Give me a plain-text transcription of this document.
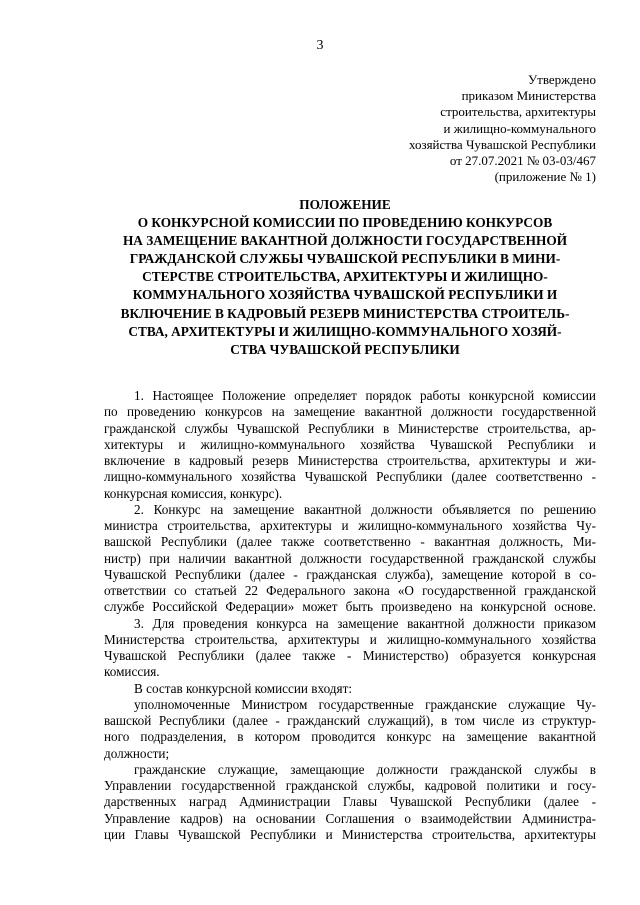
3
Утверждено
приказом Министерства
строительства, архитектуры
и жилищно-коммунального
хозяйства Чувашской Республики
от 27.07.2021 № 03-03/467
(приложение № 1)
ПОЛОЖЕНИЕ
О КОНКУРСНОЙ КОМИССИИ ПО ПРОВЕДЕНИЮ КОНКУРСОВ
НА ЗАМЕЩЕНИЕ ВАКАНТНОЙ ДОЛЖНОСТИ ГОСУДАРСТВЕННОЙ
ГРАЖДАНСКОЙ СЛУЖБЫ ЧУВАШСКОЙ РЕСПУБЛИКИ В МИНИ-
СТЕРСТВЕ СТРОИТЕЛЬСТВА, АРХИТЕКТУРЫ И ЖИЛИЩНО-
КОММУНАЛЬНОГО ХОЗЯЙСТВА ЧУВАШСКОЙ РЕСПУБЛИКИ И
ВКЛЮЧЕНИЕ В КАДРОВЫЙ РЕЗЕРВ МИНИСТЕРСТВА СТРОИТЕЛЬ-
СТВА, АРХИТЕКТУРЫ И ЖИЛИЩНО-КОММУНАЛЬНОГО ХОЗЯЙ-
СТВА ЧУВАШСКОЙ РЕСПУБЛИКИ
1. Настоящее Положение определяет порядок работы конкурсной комиссии
по проведению конкурсов на замещение вакантной должности государственной
гражданской службы Чувашской Республики в Министерстве строительства, ар-
хитектуры и жилищно-коммунального хозяйства Чувашской Республики и
включение в кадровый резерв Министерства строительства, архитектуры и жи-
лищно-коммунального хозяйства Чувашской Республики (далее соответственно -
конкурсная комиссия, конкурс).
2. Конкурс на замещение вакантной должности объявляется по решению
министра строительства, архитектуры и жилищно-коммунального хозяйства Чу-
вашской Республики (далее также соответственно - вакантная должность, Ми-
нистр) при наличии вакантной должности государственной гражданской службы
Чувашской Республики (далее - гражданская служба), замещение которой в со-
ответствии со статьей 22 Федерального закона «О государственной гражданской
службе Российской Федерации» может быть произведено на конкурсной основе.
3. Для проведения конкурса на замещение вакантной должности приказом
Министерства строительства, архитектуры и жилищно-коммунального хозяйства
Чувашской Республики (далее также - Министерство) образуется конкурсная
комиссия.
В состав конкурсной комиссии входят:
уполномоченные Министром государственные гражданские служащие Чу-
вашской Республики (далее - гражданский служащий), в том числе из структур-
ного подразделения, в котором проводится конкурс на замещение вакантной
должности;
гражданские служащие, замещающие должности гражданской службы в
Управлении государственной гражданской службы, кадровой политики и госу-
дарственных наград Администрации Главы Чувашской Республики (далее -
Управление кадров) на основании Соглашения о взаимодействии Администра-
ции Главы Чувашской Республики и Министерства строительства, архитектуры
